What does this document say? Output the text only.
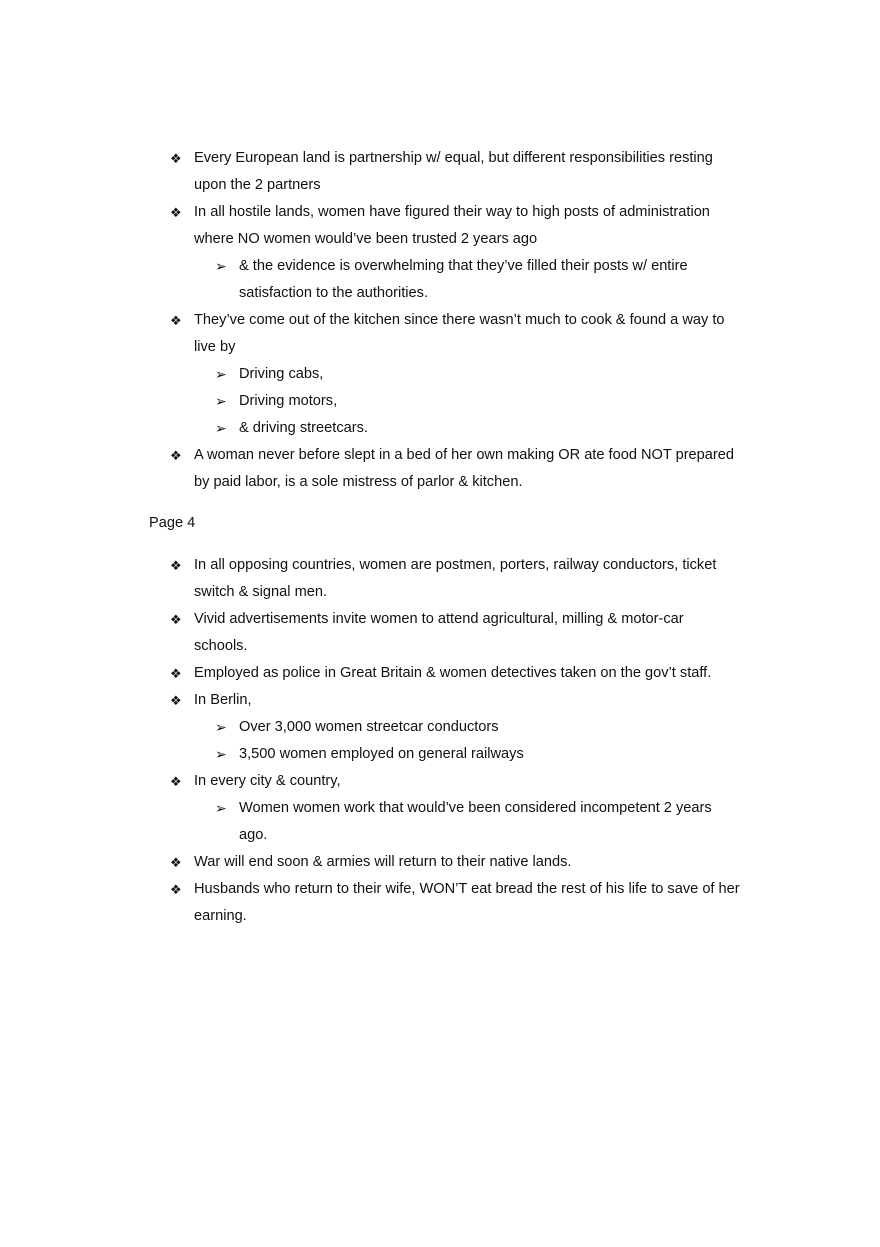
❖ Every European land is partnership w/ equal, but different responsibilities resting upon the 2 partners
❖ In all hostile lands, women have figured their way to high posts of administration where NO women would’ve been trusted 2 years ago
➢ & the evidence is overwhelming that they’ve filled their posts w/ entire satisfaction to the authorities.
❖ They’ve come out of the kitchen since there wasn’t much to cook & found a way to live by
➢ Driving cabs,
➢ Driving motors,
➢ & driving streetcars.
❖ A woman never before slept in a bed of her own making OR ate food NOT prepared by paid labor, is a sole mistress of parlor & kitchen.
Page 4
❖ In all opposing countries, women are postmen, porters, railway conductors, ticket switch & signal men.
❖ Vivid advertisements invite women to attend agricultural, milling & motor-car schools.
❖ Employed as police in Great Britain & women detectives taken on the gov’t staff.
❖ In Berlin,
➢ Over 3,000 women streetcar conductors
➢ 3,500 women employed on general railways
❖ In every city & country,
➢ Women women work that would’ve been considered incompetent 2 years ago.
❖ War will end soon & armies will return to their native lands.
❖ Husbands who return to their wife, WON’T eat bread the rest of his life to save of her earning.
